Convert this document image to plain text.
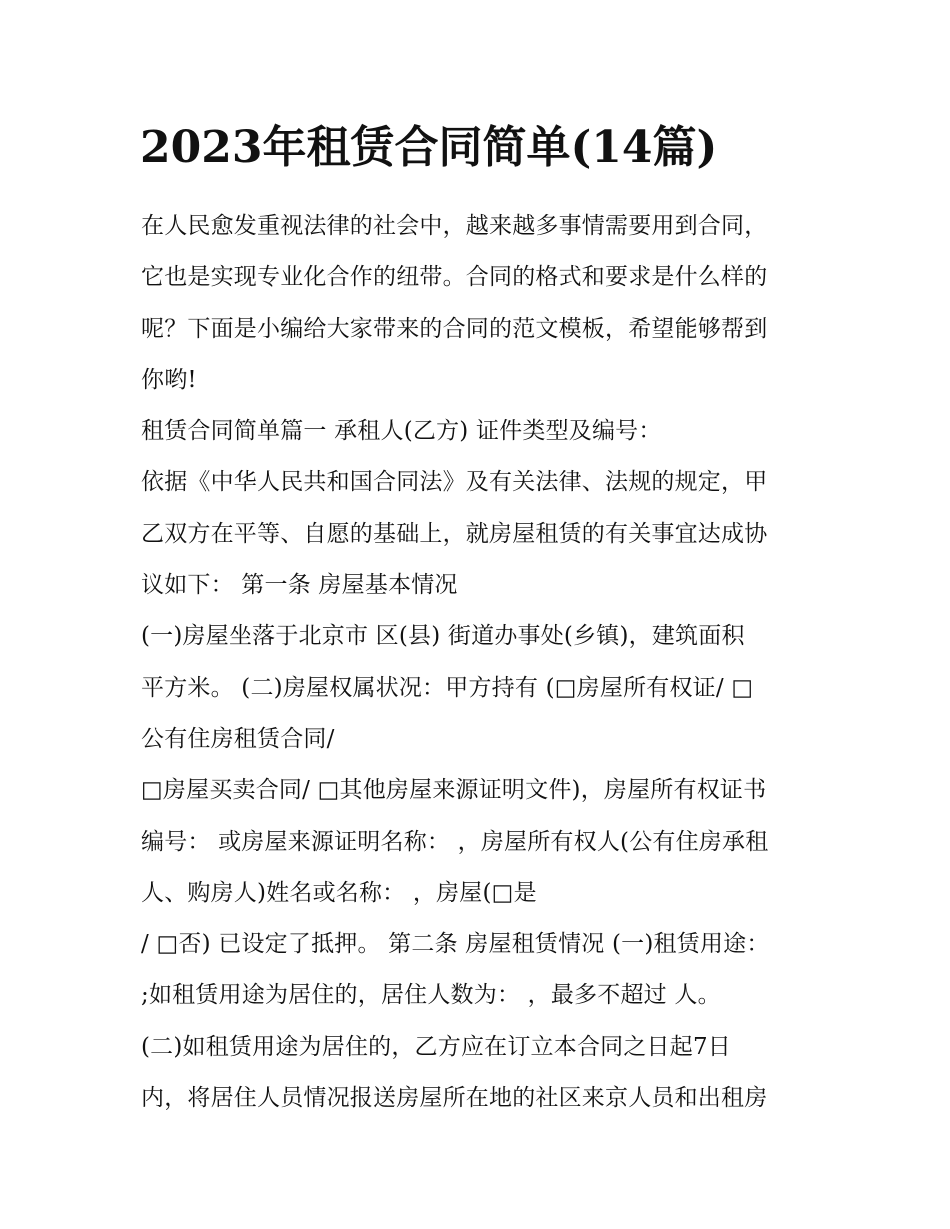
2023年租赁合同简单(14篇)
在人民愈发重视法律的社会中，越来越多事情需要用到合同，
它也是实现专业化合作的纽带。合同的格式和要求是什么样的
呢？下面是小编给大家带来的合同的范文模板，希望能够帮到
你哟!
租赁合同简单篇一 承租人(乙方) 证件类型及编号：
依据《中华人民共和国合同法》及有关法律、法规的规定，甲
乙双方在平等、自愿的基础上，就房屋租赁的有关事宜达成协
议如下： 第一条 房屋基本情况
(一)房屋坐落于北京市 区(县) 街道办事处(乡镇)，建筑面积
平方米。 (二)房屋权属状况：甲方持有 (□房屋所有权证/ □
公有住房租赁合同/
□房屋买卖合同/ □其他房屋来源证明文件)，房屋所有权证书
编号： 或房屋来源证明名称： ，房屋所有权人(公有住房承租
人、购房人)姓名或名称： ，房屋(□是
/ □否) 已设定了抵押。 第二条 房屋租赁情况 (一)租赁用途：
;如租赁用途为居住的，居住人数为： ，最多不超过 人。
(二)如租赁用途为居住的，乙方应在订立本合同之日起7日
内，将居住人员情况报送房屋所在地的社区来京人员和出租房
